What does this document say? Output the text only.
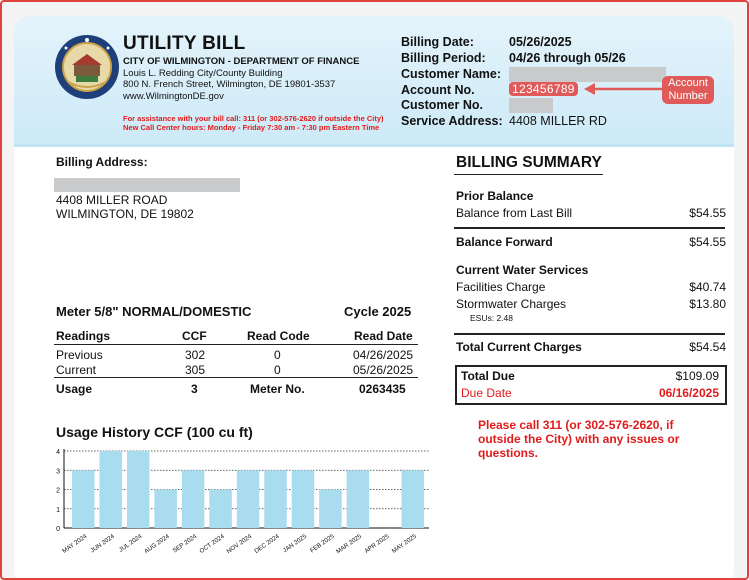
UTILITY BILL
CITY OF WILMINGTON - DEPARTMENT OF FINANCE
Louis L. Redding City/County Building
800 N. French Street, Wilmington, DE 19801-3537
www.WilmingtonDE.gov
For assistance with your bill call: 311 (or 302-576-2620 if outside the City)
New Call Center hours: Monday - Friday 7:30 am - 7:30 pm Eastern Time
Billing Date:	05/26/2025
Billing Period: 04/26 through 05/26
Customer Name:
Account No.	123456789	Account Number
Customer No.
Service Address: 4408 MILLER RD
Billing Address:
4408 MILLER ROAD
WILMINGTON, DE 19802
Meter 5/8" NORMAL/DOMESTIC	Cycle 2025
Readings	CCF	Read Code	Read Date
Previous	302	0	04/26/2025
Current	305	0	05/26/2025
Usage	3	Meter No.	0263435
BILLING SUMMARY
Prior Balance
Balance from Last Bill	$54.55
Balance Forward	$54.55
Current Water Services
Facilities Charge	$40.74
Stormwater Charges	$13.80
ESUs: 2.48
Total Current Charges	$54.54
Total Due	$109.09
Due Date	06/16/2025
Please call 311 (or 302-576-2620, if outside the City) with any issues or questions.
Usage History CCF (100 cu ft)
0
1
2
3
4
MAY 2024 JUN 2024 JUL 2024 AUG 2024 SEP 2024 OCT 2024 NOV 2024 DEC 2024 JAN 2025 FEB 2025 MAR 2025 APR 2025 MAY 2025
